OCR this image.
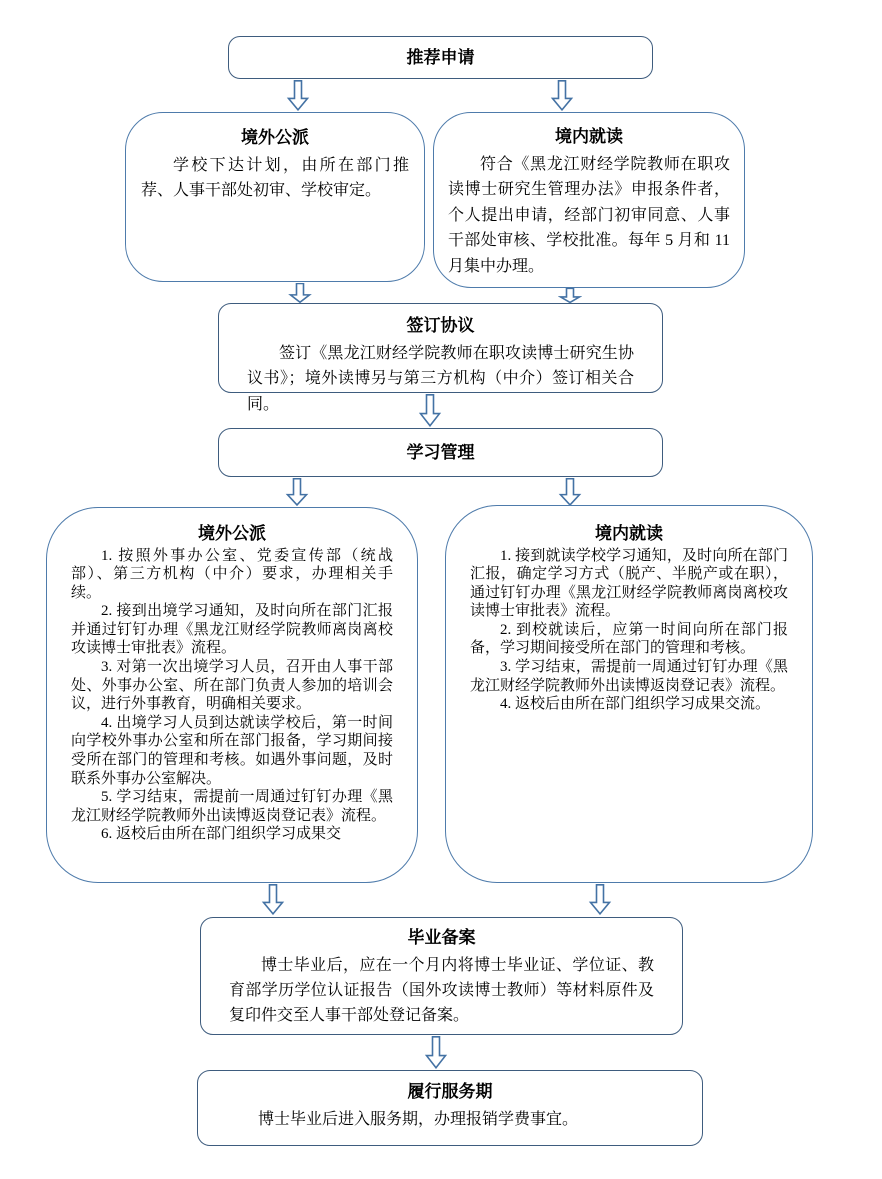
推荐申请
境外公派

学校下达计划，由所在部门推荐、人事干部处初审、学校审定。

境内就读

符合《黑龙江财经学院教师在职攻读博士研究生管理办法》申报条件者，个人提出申请，经部门初审同意、人事干部处审核、学校批准。每年 5 月和 11 月集中办理。

签订协议

签订《黑龙江财经学院教师在职攻读博士研究生协议书》；境外读博另与第三方机构（中介）签订相关合同。

学习管理
境外公派

1. 按照外事办公室、党委宣传部（统战部）、第三方机构（中介）要求，办理相关手续。

2. 接到出境学习通知，及时向所在部门汇报并通过钉钉办理《黑龙江财经学院教师离岗离校攻读博士审批表》流程。

3. 对第一次出境学习人员，召开由人事干部处、外事办公室、所在部门负责人参加的培训会议，进行外事教育，明确相关要求。

4. 出境学习人员到达就读学校后，第一时间向学校外事办公室和所在部门报备，学习期间接受所在部门的管理和考核。如遇外事问题，及时联系外事办公室解决。

5. 学习结束，需提前一周通过钉钉办理《黑龙江财经学院教师外出读博返岗登记表》流程。

6. 返校后由所在部门组织学习成果交

境内就读

1. 接到就读学校学习通知，及时向所在部门汇报，确定学习方式（脱产、半脱产或在职），通过钉钉办理《黑龙江财经学院教师离岗离校攻读博士审批表》流程。

2. 到校就读后，应第一时间向所在部门报备，学习期间接受所在部门的管理和考核。

3. 学习结束，需提前一周通过钉钉办理《黑龙江财经学院教师外出读博返岗登记表》流程。

4. 返校后由所在部门组织学习成果交流。

毕业备案

博士毕业后，应在一个月内将博士毕业证、学位证、教育部学历学位认证报告（国外攻读博士教师）等材料原件及复印件交至人事干部处登记备案。

履行服务期

博士毕业后进入服务期，办理报销学费事宜。
